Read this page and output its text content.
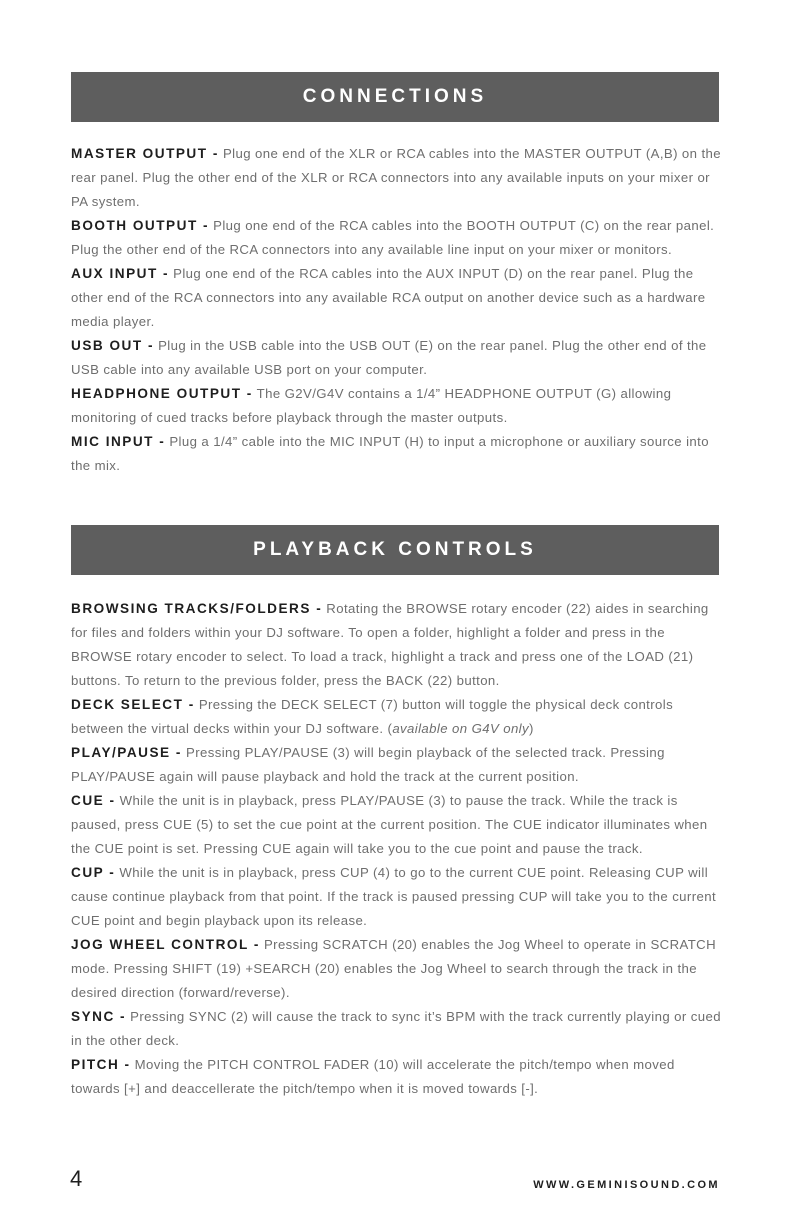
CONNECTIONS

MASTER OUTPUT - Plug one end of the XLR or RCA cables into the MASTER OUTPUT (A,B) on the rear panel. Plug the other end of the XLR or RCA connectors into any available inputs on your mixer or PA system.

BOOTH OUTPUT - Plug one end of the RCA cables into the BOOTH OUTPUT (C) on the rear panel. Plug the other end of the RCA connectors into any available line input on your mixer or monitors.

AUX INPUT - Plug one end of the RCA cables into the AUX INPUT (D) on the rear panel. Plug the other end of the RCA connectors into any available RCA output on another device such as a hardware media player.

USB OUT - Plug in the USB cable into the USB OUT (E) on the rear panel. Plug the other end of the USB cable into any available USB port on your computer.

HEADPHONE OUTPUT - The G2V/G4V contains a 1/4” HEADPHONE OUTPUT (G) allowing monitoring of cued tracks before playback through the master outputs.

MIC INPUT - Plug a 1/4” cable into the MIC INPUT (H) to input a microphone or auxiliary source into the mix.

PLAYBACK CONTROLS

BROWSING TRACKS/FOLDERS - Rotating the BROWSE rotary encoder (22) aides in searching for files and folders within your DJ software. To open a folder, highlight a folder and press in the BROWSE rotary encoder to select. To load a track, highlight a track and press one of the LOAD (21) buttons. To return to the previous folder, press the BACK (22) button.

DECK SELECT - Pressing the DECK SELECT (7) button will toggle the physical deck controls between the virtual decks within your DJ software. (available on G4V only)

PLAY/PAUSE - Pressing PLAY/PAUSE (3) will begin playback of the selected track. Pressing PLAY/PAUSE again will pause playback and hold the track at the current position.

CUE - While the unit is in playback, press PLAY/PAUSE (3) to pause the track. While the track is paused, press CUE (5) to set the cue point at the current position. The CUE indicator illuminates when the CUE point is set. Pressing CUE again will take you to the cue point and pause the track.

CUP - While the unit is in playback, press CUP (4) to go to the current CUE point. Releasing CUP will cause continue playback from that point. If the track is paused pressing CUP will take you to the current CUE point and begin playback upon its release.

JOG WHEEL CONTROL - Pressing SCRATCH (20) enables the Jog Wheel to operate in SCRATCH mode. Pressing SHIFT (19) +SEARCH (20) enables the Jog Wheel to search through the track in the desired direction (forward/reverse).

SYNC - Pressing SYNC (2) will cause the track to sync it’s BPM with the track currently playing or cued in the other deck.

PITCH - Moving the PITCH CONTROL FADER (10) will accelerate the pitch/tempo when moved towards [+] and deaccellerate the pitch/tempo when it is moved towards [-].

4	WWW.GEMINISOUND.COM
